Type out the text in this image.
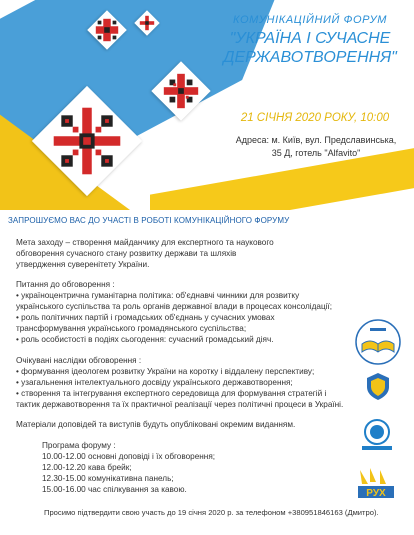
КОМУНІКАЦІЙНИЙ ФОРУМ
"УКРАЇНА І СУЧАСНЕ
ДЕРЖАВОТВОРЕННЯ"
21 СІЧНЯ 2020 РОКУ, 10:00
Адреса: м. Київ, вул. Предславинська,
35 Д, готель "Alfavito"
ЗАПРОШУЄМО ВАС ДО УЧАСТІ В РОБОТІ КОМУНІКАЦІЙНОГО ФОРУМУ
Мета заходу – створення майданчику для експертного та наукового
обговорення сучасного стану розвитку держави та шляхів
утвердження суверенітету України.
Питання до обговорення :
• україноцентрична гуманітарна політика: об'єднавчі чинники для розвитку
українського суспільства та роль органів державної влади в процесах консолідації;
• роль політичних партій і громадських об'єднань у сучасних умовах
трансформування українського громадянського суспільства;
• роль особистості в подіях сьогодення: сучасний громадський діяч.
Очікувані наслідки обговорення :
• формування ідеологем розвитку України на коротку і віддалену перспективу;
• узагальнення інтелектуального досвіду українського державотворення;
• створення та інтегрування експертного середовища для формування стратегій і
тактик державотворення та їх практичної реалізації через політичні процеси в Україні.
Матеріали доповідей та виступів будуть опубліковані окремим виданням.
Програма форуму :
10.00-12.00 основні доповіді і їх обговорення;
12.00-12.20 кава брейк;
12.30-15.00 комунікативна панель;
15.00-16.00 час спілкування за кавою.
Просимо підтвердити свою участь до 19 січня 2020 р. за телефоном +380951846163 (Дмитро).
РУХ
